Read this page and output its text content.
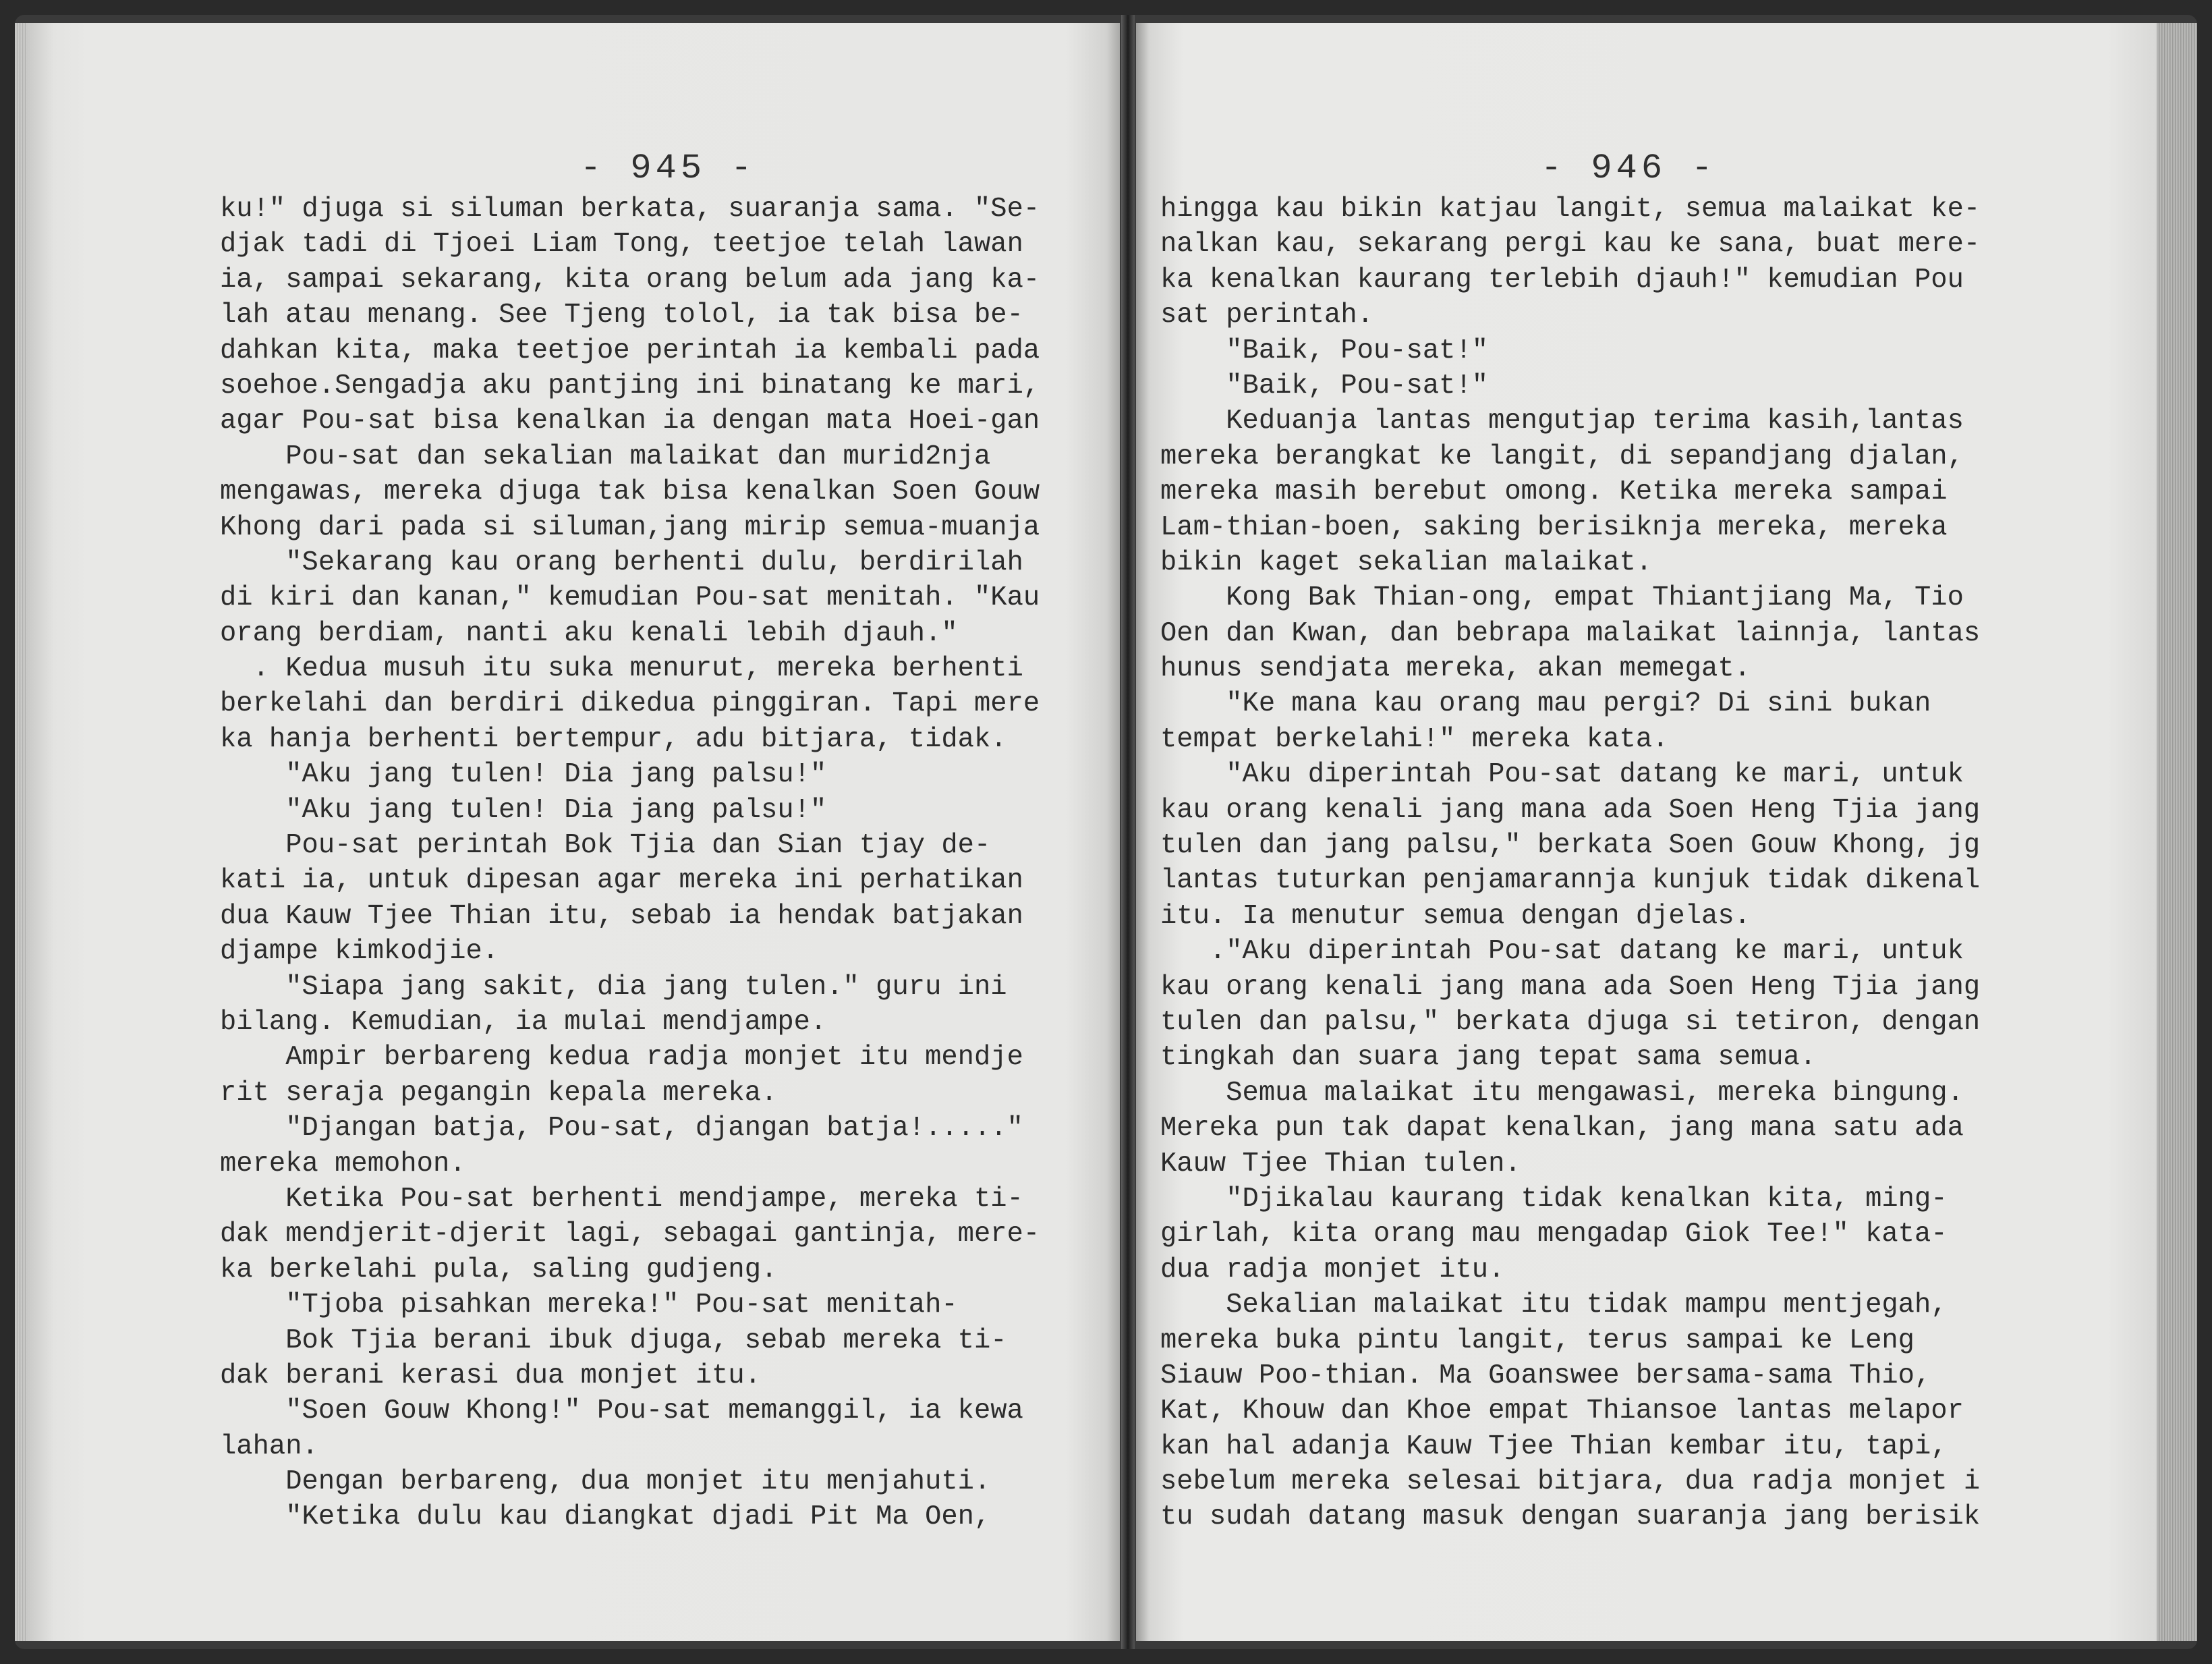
- 945 -
ku!" djuga si siluman berkata, suaranja sama. "Se-
djak tadi di Tjoei Liam Tong, teetjoe telah lawan
ia, sampai sekarang, kita orang belum ada jang ka-
lah atau menang. See Tjeng tolol, ia tak bisa be-
dahkan kita, maka teetjoe perintah ia kembali pada
soehoe.Sengadja aku pantjing ini binatang ke mari,
agar Pou-sat bisa kenalkan ia dengan mata Hoei-gan
Pou-sat dan sekalian malaikat dan murid2nja
mengawas, mereka djuga tak bisa kenalkan Soen Gouw
Khong dari pada si siluman,jang mirip semua-muanja
"Sekarang kau orang berhenti dulu, berdirilah
di kiri dan kanan," kemudian Pou-sat menitah. "Kau
orang berdiam, nanti aku kenali lebih djauh."
. Kedua musuh itu suka menurut, mereka berhenti
berkelahi dan berdiri dikedua pinggiran. Tapi mere
ka hanja berhenti bertempur, adu bitjara, tidak.
"Aku jang tulen! Dia jang palsu!"
"Aku jang tulen! Dia jang palsu!"
Pou-sat perintah Bok Tjia dan Sian tjay de-
kati ia, untuk dipesan agar mereka ini perhatikan
dua Kauw Tjee Thian itu, sebab ia hendak batjakan
djampe kimkodjie.
"Siapa jang sakit, dia jang tulen." guru ini
bilang. Kemudian, ia mulai mendjampe.
Ampir berbareng kedua radja monjet itu mendje
rit seraja pegangin kepala mereka.
"Djangan batja, Pou-sat, djangan batja!....."
mereka memohon.
Ketika Pou-sat berhenti mendjampe, mereka ti-
dak mendjerit-djerit lagi, sebagai gantinja, mere-
ka berkelahi pula, saling gudjeng.
"Tjoba pisahkan mereka!" Pou-sat menitah-
Bok Tjia berani ibuk djuga, sebab mereka ti-
dak berani kerasi dua monjet itu.
"Soen Gouw Khong!" Pou-sat memanggil, ia kewa
lahan.
Dengan berbareng, dua monjet itu menjahuti.
"Ketika dulu kau diangkat djadi Pit Ma Oen,
- 946 -
hingga kau bikin katjau langit, semua malaikat ke-
nalkan kau, sekarang pergi kau ke sana, buat mere-
ka kenalkan kaurang terlebih djauh!" kemudian Pou
sat perintah.
"Baik, Pou-sat!"
"Baik, Pou-sat!"
Keduanja lantas mengutjap terima kasih,lantas
mereka berangkat ke langit, di sepandjang djalan,
mereka masih berebut omong. Ketika mereka sampai
Lam-thian-boen, saking berisiknja mereka, mereka
bikin kaget sekalian malaikat.
Kong Bak Thian-ong, empat Thiantjiang Ma, Tio
Oen dan Kwan, dan bebrapa malaikat lainnja, lantas
hunus sendjata mereka, akan memegat.
"Ke mana kau orang mau pergi? Di sini bukan
tempat berkelahi!" mereka kata.
"Aku diperintah Pou-sat datang ke mari, untuk
kau orang kenali jang mana ada Soen Heng Tjia jang
tulen dan jang palsu," berkata Soen Gouw Khong, jg
lantas tuturkan penjamarannja kunjuk tidak dikenal
itu. Ia menutur semua dengan djelas.
."Aku diperintah Pou-sat datang ke mari, untuk
kau orang kenali jang mana ada Soen Heng Tjia jang
tulen dan palsu," berkata djuga si tetiron, dengan
tingkah dan suara jang tepat sama semua.
Semua malaikat itu mengawasi, mereka bingung.
Mereka pun tak dapat kenalkan, jang mana satu ada
Kauw Tjee Thian tulen.
"Djikalau kaurang tidak kenalkan kita, ming-
girlah, kita orang mau mengadap Giok Tee!" kata-
dua radja monjet itu.
Sekalian malaikat itu tidak mampu mentjegah,
mereka buka pintu langit, terus sampai ke Leng
Siauw Poo-thian. Ma Goanswee bersama-sama Thio,
Kat, Khouw dan Khoe empat Thiansoe lantas melapor
kan hal adanja Kauw Tjee Thian kembar itu, tapi,
sebelum mereka selesai bitjara, dua radja monjet i
tu sudah datang masuk dengan suaranja jang berisik
